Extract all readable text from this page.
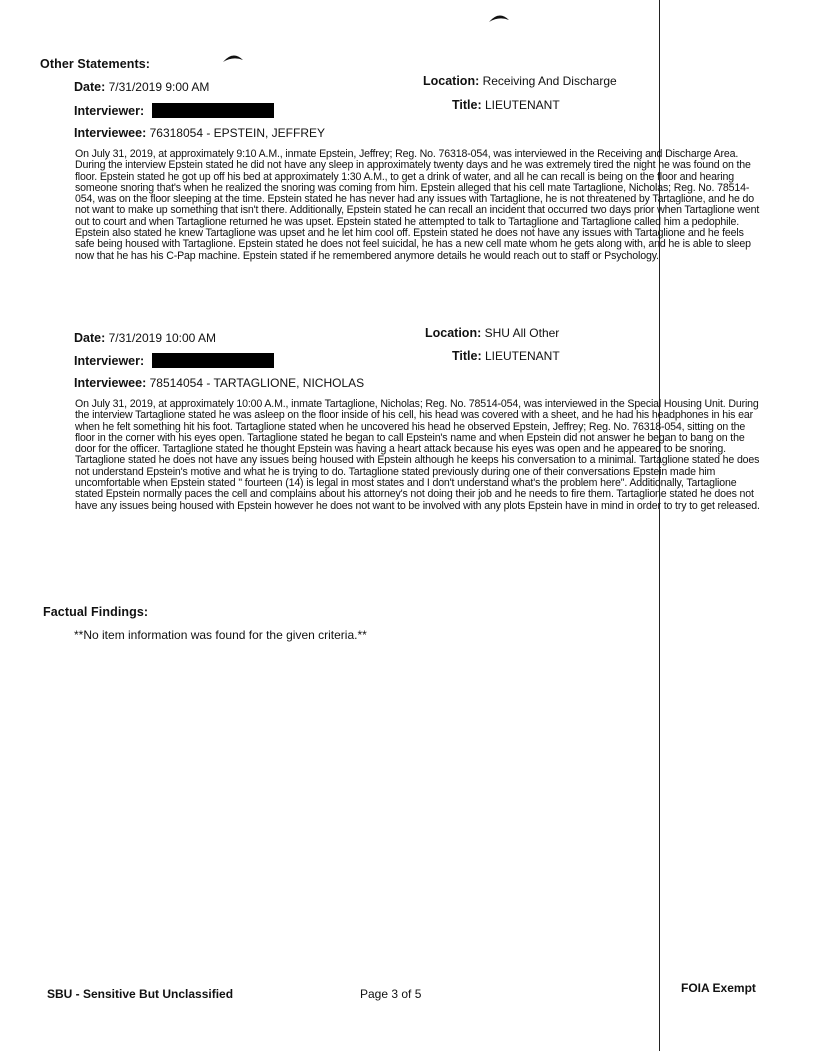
Other Statements:
Date: 7/31/2019 9:00 AM	Location: Receiving And Discharge
Interviewer:	Title: LIEUTENANT
Interviewee: 76318054 - EPSTEIN, JEFFREY

On July 31, 2019, at approximately 9:10 A.M., inmate Epstein, Jeffrey; Reg. No. 76318-054, was interviewed in the Receiving and Discharge Area. During the interview Epstein stated he did not have any sleep in approximately twenty days and he was extremely tired the night he was found on the floor. Epstein stated he got up off his bed at approximately 1:30 A.M., to get a drink of water, and all he can recall is being on the floor and hearing someone snoring that's when he realized the snoring was coming from him. Epstein alleged that his cell mate Tartaglione, Nicholas; Reg. No. 78514-054, was on the floor sleeping at the time. Epstein stated he has never had any issues with Tartaglione, he is not threatened by Tartaglione, and he do not want to make up something that isn't there. Additionally, Epstein stated he can recall an incident that occurred two days prior when Tartaglione went out to court and when Tartaglione returned he was upset. Epstein stated he attempted to talk to Tartaglione and Tartaglione called him a pedophile. Epstein also stated he knew Tartaglione was upset and he let him cool off. Epstein stated he does not have any issues with Tartaglione and he feels safe being housed with Tartaglione. Epstein stated he does not feel suicidal, he has a new cell mate whom he gets along with, and he is able to sleep now that he has his C-Pap machine. Epstein stated if he remembered anymore details he would reach out to staff or Psychology.

Date: 7/31/2019 10:00 AM	Location: SHU All Other
Interviewer:	Title: LIEUTENANT
Interviewee: 78514054 - TARTAGLIONE, NICHOLAS

On July 31, 2019, at approximately 10:00 A.M., inmate Tartaglione, Nicholas; Reg. No. 78514-054, was interviewed in the Special Housing Unit. During the interview Tartaglione stated he was asleep on the floor inside of his cell, his head was covered with a sheet, and he had his headphones in his ear when he felt something hit his foot. Tartaglione stated when he uncovered his head he observed Epstein, Jeffrey; Reg. No. 76318-054, sitting on the floor in the corner with his eyes open. Tartaglione stated he began to call Epstein's name and when Epstein did not answer he began to bang on the door for the officer. Tartaglione stated he thought Epstein was having a heart attack because his eyes was open and he appeared to be snoring. Tartaglione stated he does not have any issues being housed with Epstein although he keeps his conversation to a minimal. Tartaglione stated he does not understand Epstein's motive and what he is trying to do. Tartaglione stated previously during one of their conversations Epstein made him uncomfortable when Epstein stated " fourteen (14) is legal in most states and I don't understand what's the problem here". Additionally, Tartaglione stated Epstein normally paces the cell and complains about his attorney's not doing their job and he needs to fire them. Tartaglione stated he does not have any issues being housed with Epstein however he does not want to be involved with any plots Epstein have in mind in order to try to get released.

Factual Findings:
**No item information was found for the given criteria.**
SBU - Sensitive But Unclassified	Page 3 of 5	FOIA Exempt
